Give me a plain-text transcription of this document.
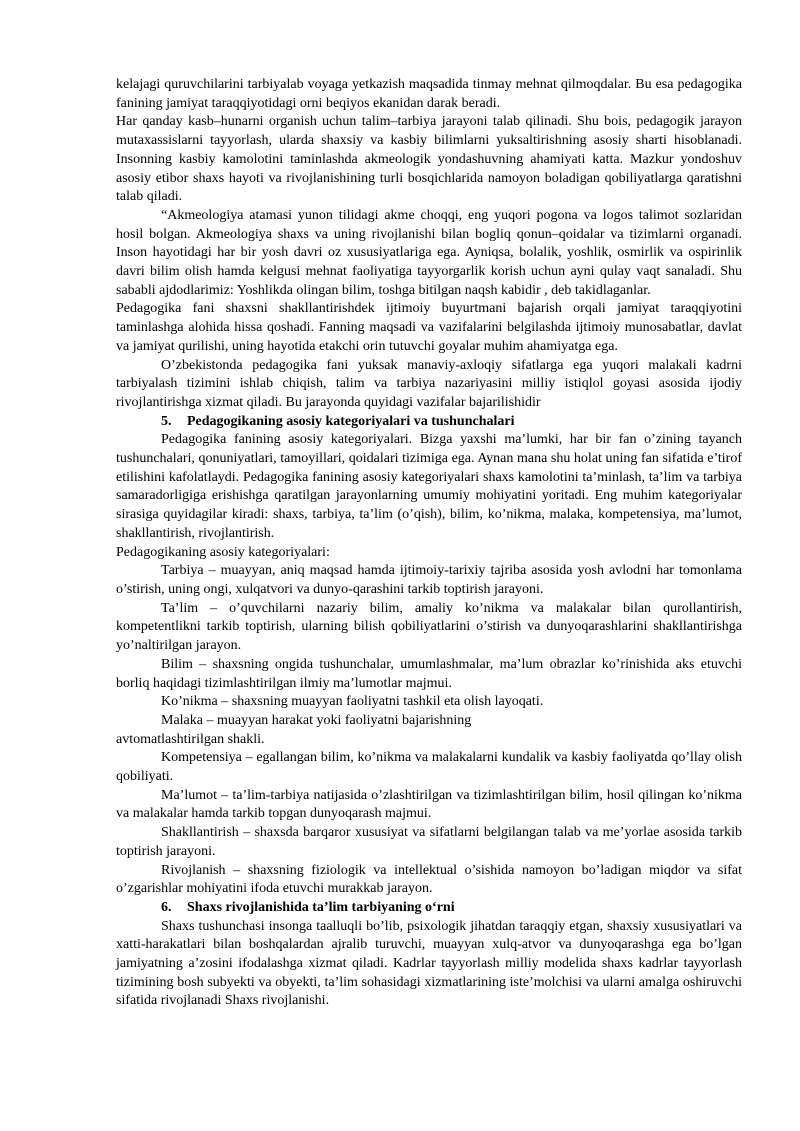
kelajagi quruvchilarini tarbiyalab voyaga yetkazish maqsadida tinmay mehnat qilmoqdalar. Bu esa pedagogika fanining jamiyat taraqqiyotidagi orni beqiyos ekanidan darak beradi.

Har qanday kasb–hunarni organish uchun talim–tarbiya jarayoni talab qilinadi. Shu bois, pedagogik jarayon mutaxassislarni tayyorlash, ularda shaxsiy va kasbiy bilimlarni yuksaltirishning asosiy sharti hisoblanadi. Insonning kasbiy kamolotini taminlashda akmeologik yondashuvning ahamiyati katta. Mazkur yondoshuv asosiy etibor shaxs hayoti va rivojlanishining turli bosqichlarida namoyon boladigan qobiliyatlarga qaratishni talab qiladi.

“Akmeologiya atamasi yunon tilidagi akme choqqi, eng yuqori pogona va logos talimot sozlaridan hosil bolgan. Akmeologiya shaxs va uning rivojlanishi bilan bogliq qonun–qoidalar va tizimlarni organadi. Inson hayotidagi har bir yosh davri oz xususiyatlariga ega. Ayniqsa, bolalik, yoshlik, osmirlik va ospirinlik davri bilim olish hamda kelgusi mehnat faoliyatiga tayyorgarlik korish uchun ayni qulay vaqt sanaladi. Shu sababli ajdodlarimiz: Yoshlikda olingan bilim, toshga bitilgan naqsh kabidir , deb takidlaganlar.

Pedagogika fani shaxsni shakllantirishdek ijtimoiy buyurtmani bajarish orqali jamiyat taraqqiyotini taminlashga alohida hissa qoshadi. Fanning maqsadi va vazifalarini belgilashda ijtimoiy munosabatlar, davlat va jamiyat qurilishi, uning hayotida etakchi orin tutuvchi goyalar muhim ahamiyatga ega.

O’zbekistonda pedagogika fani yuksak manaviy-axloqiy sifatlarga ega yuqori malakali kadrni tarbiyalash tizimini ishlab chiqish, talim va tarbiya nazariyasini milliy istiqlol goyasi asosida ijodiy rivojlantirishga xizmat qiladi. Bu jarayonda quyidagi vazifalar bajarilishidir

5. Pedagogikaning asosiy kategoriyalari va tushunchalari

Pedagogika fanining asosiy kategoriyalari. Bizga yaxshi ma’lumki, har bir fan o’zining tayanch tushunchalari, qonuniyatlari, tamoyillari, qoidalari tizimiga ega. Aynan mana shu holat uning fan sifatida e’tirof etilishini kafolatlaydi. Pedagogika fanining asosiy kategoriyalari shaxs kamolotini ta’minlash, ta’lim va tarbiya samaradorligiga erishishga qaratilgan jarayonlarning umumiy mohiyatini yoritadi. Eng muhim kategoriyalar sirasiga quyidagilar kiradi: shaxs, tarbiya, ta’lim (o’qish), bilim, ko’nikma, malaka, kompetensiya, ma’lumot, shakllantirish, rivojlantirish.

Pedagogikaning asosiy kategoriyalari:

Tarbiya – muayyan, aniq maqsad hamda ijtimoiy-tarixiy tajriba asosida yosh avlodni har tomonlama o’stirish, uning ongi, xulqatvori va dunyo-qarashini tarkib toptirish jarayoni.

Ta’lim – o’quvchilarni nazariy bilim, amaliy ko’nikma va malakalar bilan qurollantirish, kompetentlikni tarkib toptirish, ularning bilish qobiliyatlarini o’stirish va dunyoqarashlarini shakllantirishga yo’naltirilgan jarayon.

Bilim – shaxsning ongida tushunchalar, umumlashmalar, ma’lum obrazlar ko’rinishida aks etuvchi borliq haqidagi tizimlashtirilgan ilmiy ma’lumotlar majmui.

Ko’nikma – shaxsning muayyan faoliyatni tashkil eta olish layoqati.

Malaka – muayyan harakat yoki faoliyatni bajarishning

avtomatlashtirilgan shakli.

Kompetensiya – egallangan bilim, ko’nikma va malakalarni kundalik va kasbiy faoliyatda qo’llay olish qobiliyati.

Ma’lumot – ta’lim-tarbiya natijasida o’zlashtirilgan va tizimlashtirilgan bilim, hosil qilingan ko’nikma va malakalar hamda tarkib topgan dunyoqarash majmui.

Shakllantirish – shaxsda barqaror xususiyat va sifatlarni belgilangan talab va me’yorlae asosida tarkib toptirish jarayoni.

Rivojlanish – shaxsning fiziologik va intellektual o’sishida namoyon bo’ladigan miqdor va sifat o’zgarishlar mohiyatini ifoda etuvchi murakkab jarayon.

6. Shaxs rivojlanishida ta’lim tarbiyaning o‘rni

Shaxs tushunchasi insonga taalluqli bo’lib, psixologik jihatdan taraqqiy etgan, shaxsiy xususiyatlari va xatti-harakatlari bilan boshqalardan ajralib turuvchi, muayyan xulq-atvor va dunyoqarashga ega bo’lgan jamiyatning a’zosini ifodalashga xizmat qiladi. Kadrlar tayyorlash milliy modelida shaxs kadrlar tayyorlash tizimining bosh subyekti va obyekti, ta’lim sohasidagi xizmatlarining iste’molchisi va ularni amalga oshiruvchi sifatida rivojlanadi Shaxs rivojlanishi.
